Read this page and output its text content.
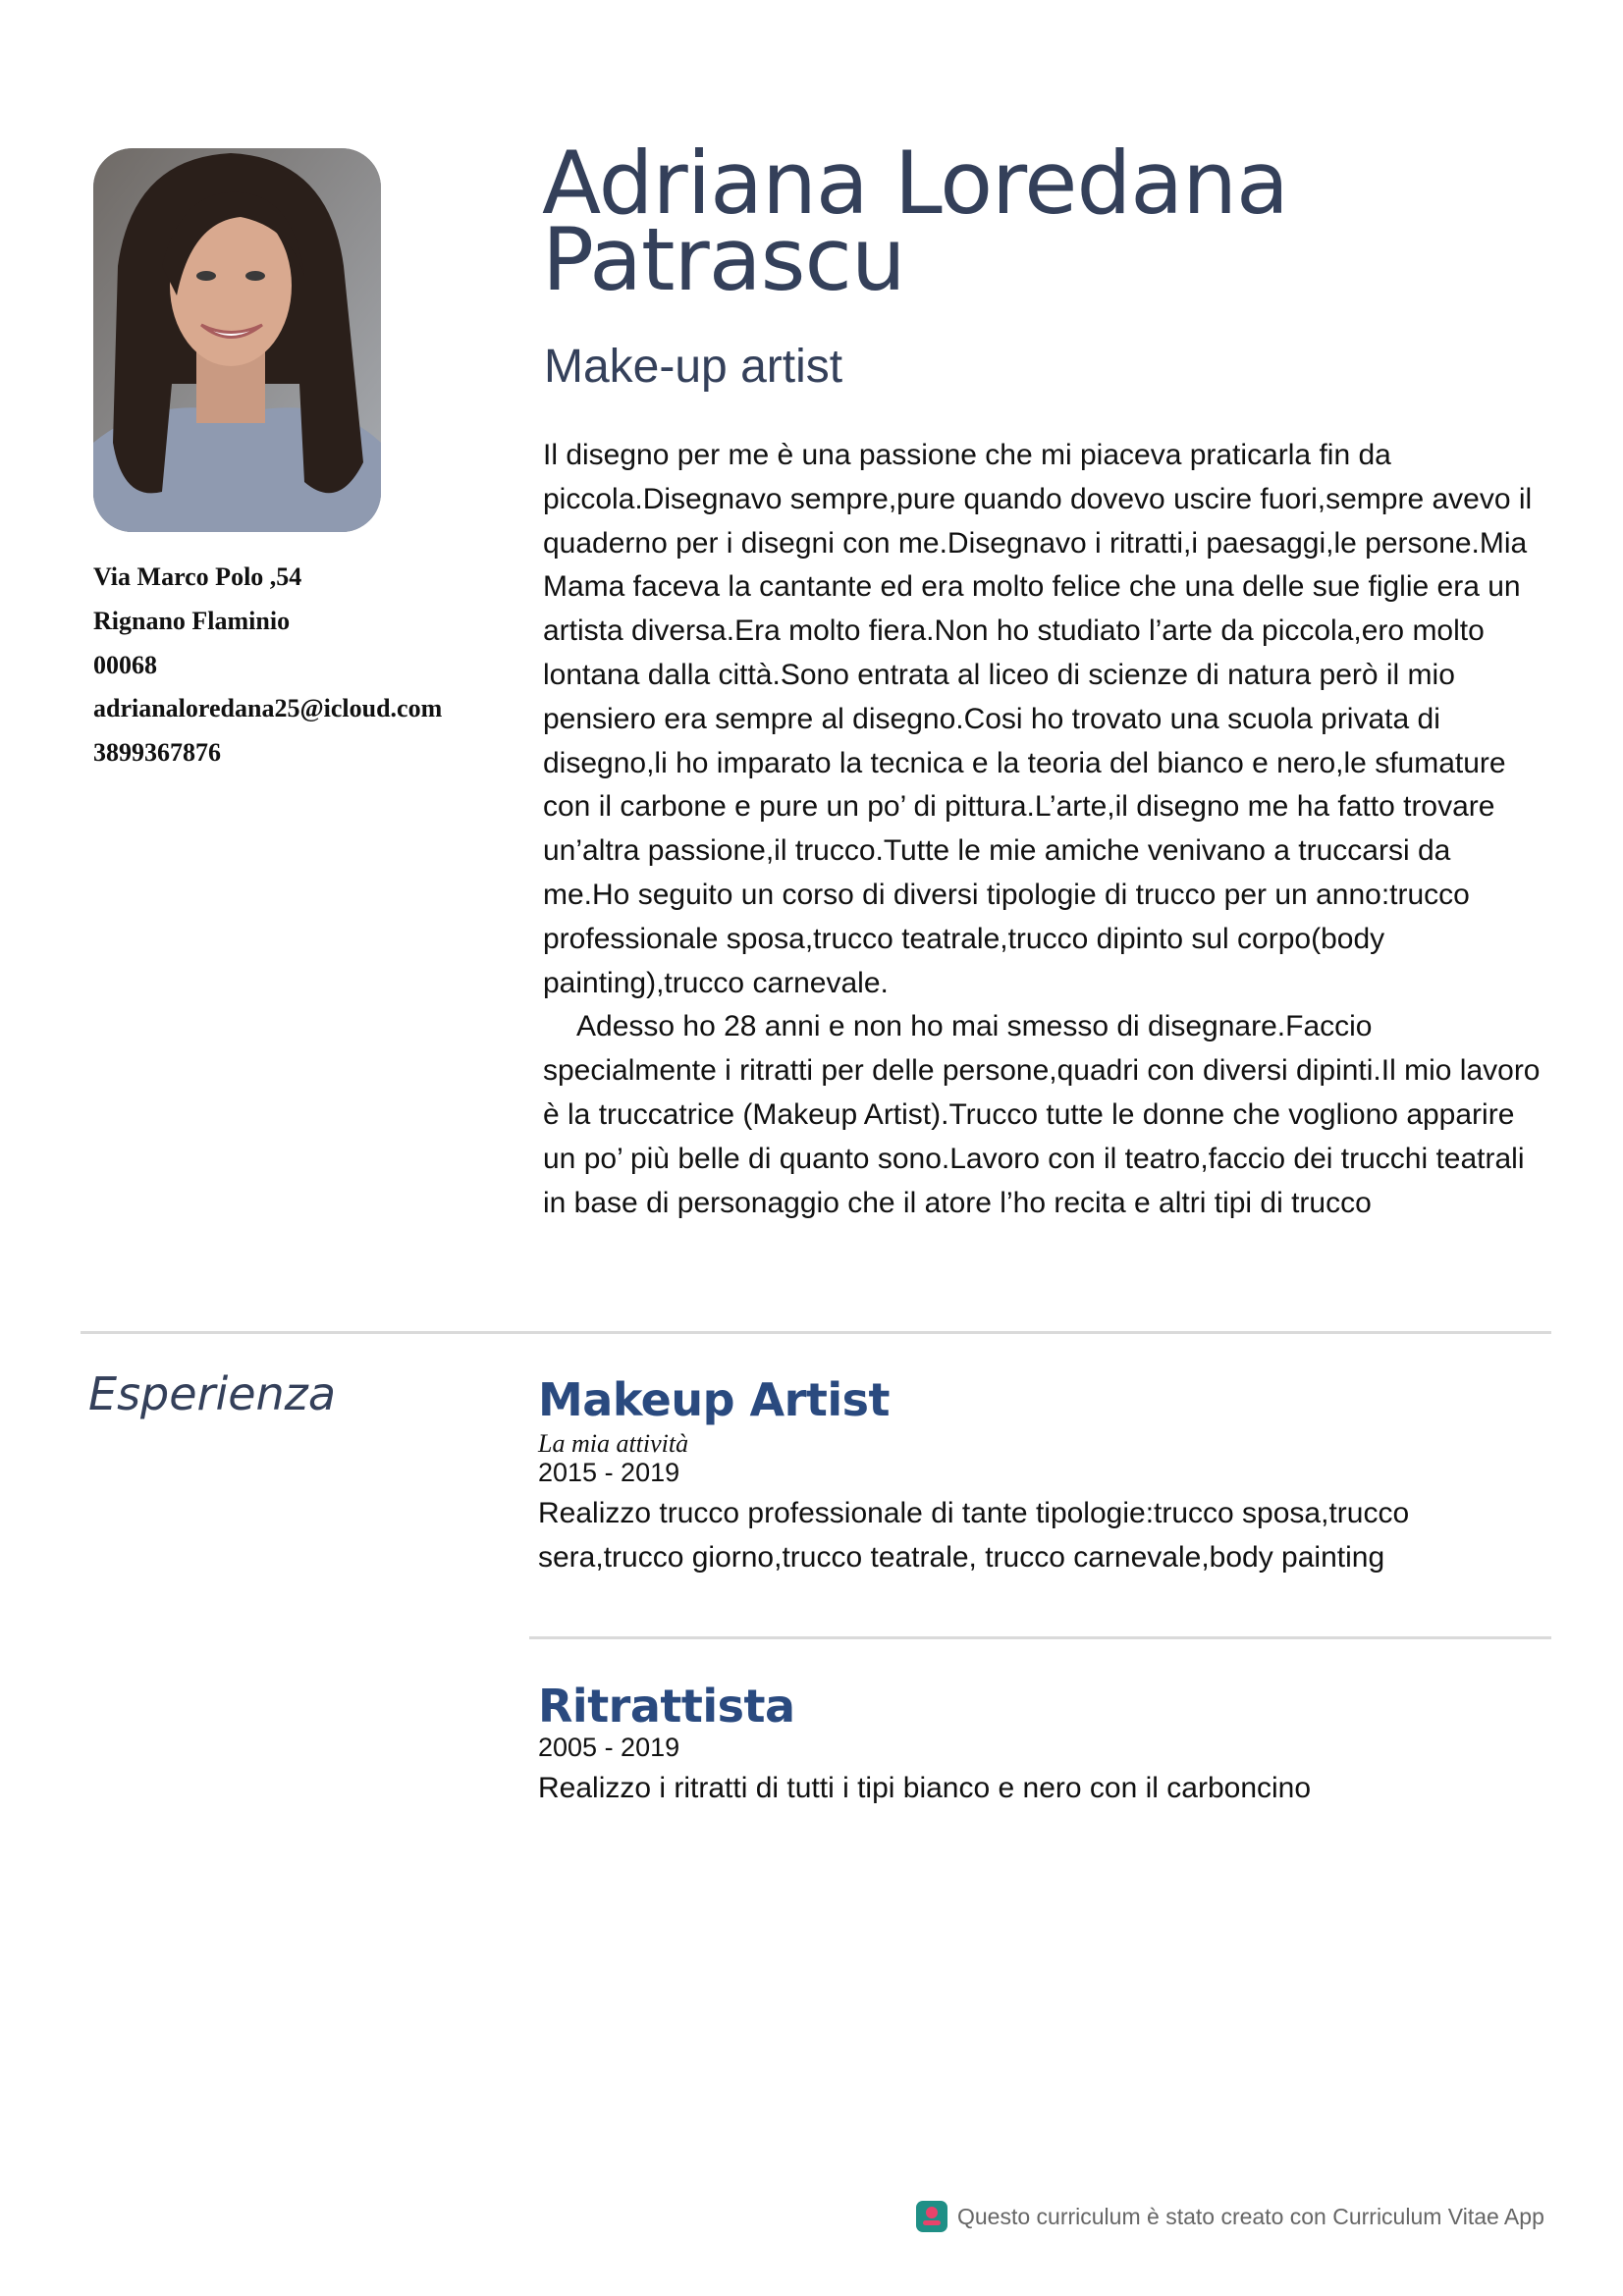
Via Marco Polo ,54
Rignano Flaminio
00068
adrianaloredana25@icloud.com
3899367876
Adriana Loredana Patrascu
Make-up artist

Il disegno per me è una passione che mi piaceva praticarla fin da piccola.Disegnavo sempre,pure quando dovevo uscire fuori,sempre avevo il quaderno per i disegni con me.Disegnavo i ritratti,i paesaggi,le persone.Mia Mama faceva la cantante ed era molto felice che una delle sue figlie era un artista diversa.Era molto fiera.Non ho studiato l’arte da piccola,ero molto lontana dalla città.Sono entrata al liceo di scienze di natura però il mio pensiero era sempre al disegno.Cosi ho trovato una scuola privata di disegno,li ho imparato la tecnica e la teoria del bianco e nero,le sfumature con il carbone e pure un po’ di pittura.L’arte,il disegno me ha fatto trovare un’altra passione,il trucco.Tutte le mie amiche venivano a truccarsi da me.Ho seguito un corso di diversi tipologie di trucco per un anno:trucco professionale sposa,trucco teatrale,trucco dipinto sul corpo(body painting),trucco carnevale.

Adesso ho 28 anni e non ho mai smesso di disegnare.Faccio specialmente i ritratti per delle persone,quadri con diversi dipinti.Il mio lavoro è la truccatrice (Makeup Artist).Trucco tutte le donne che vogliono apparire un po’ più belle di quanto sono.Lavoro con il teatro,faccio dei trucchi teatrali in base di personaggio che il atore l’ho recita e altri tipi di trucco

Esperienza	Makeup Artist
La mia attività
2015 - 2019
Realizzo trucco professionale di tante tipologie:trucco sposa,trucco sera,trucco giorno,trucco teatrale, trucco carnevale,body painting
Ritrattista
2005 - 2019
Realizzo i ritratti di tutti i tipi bianco e nero con il carboncino
Questo curriculum è stato creato con Curriculum Vitae App
